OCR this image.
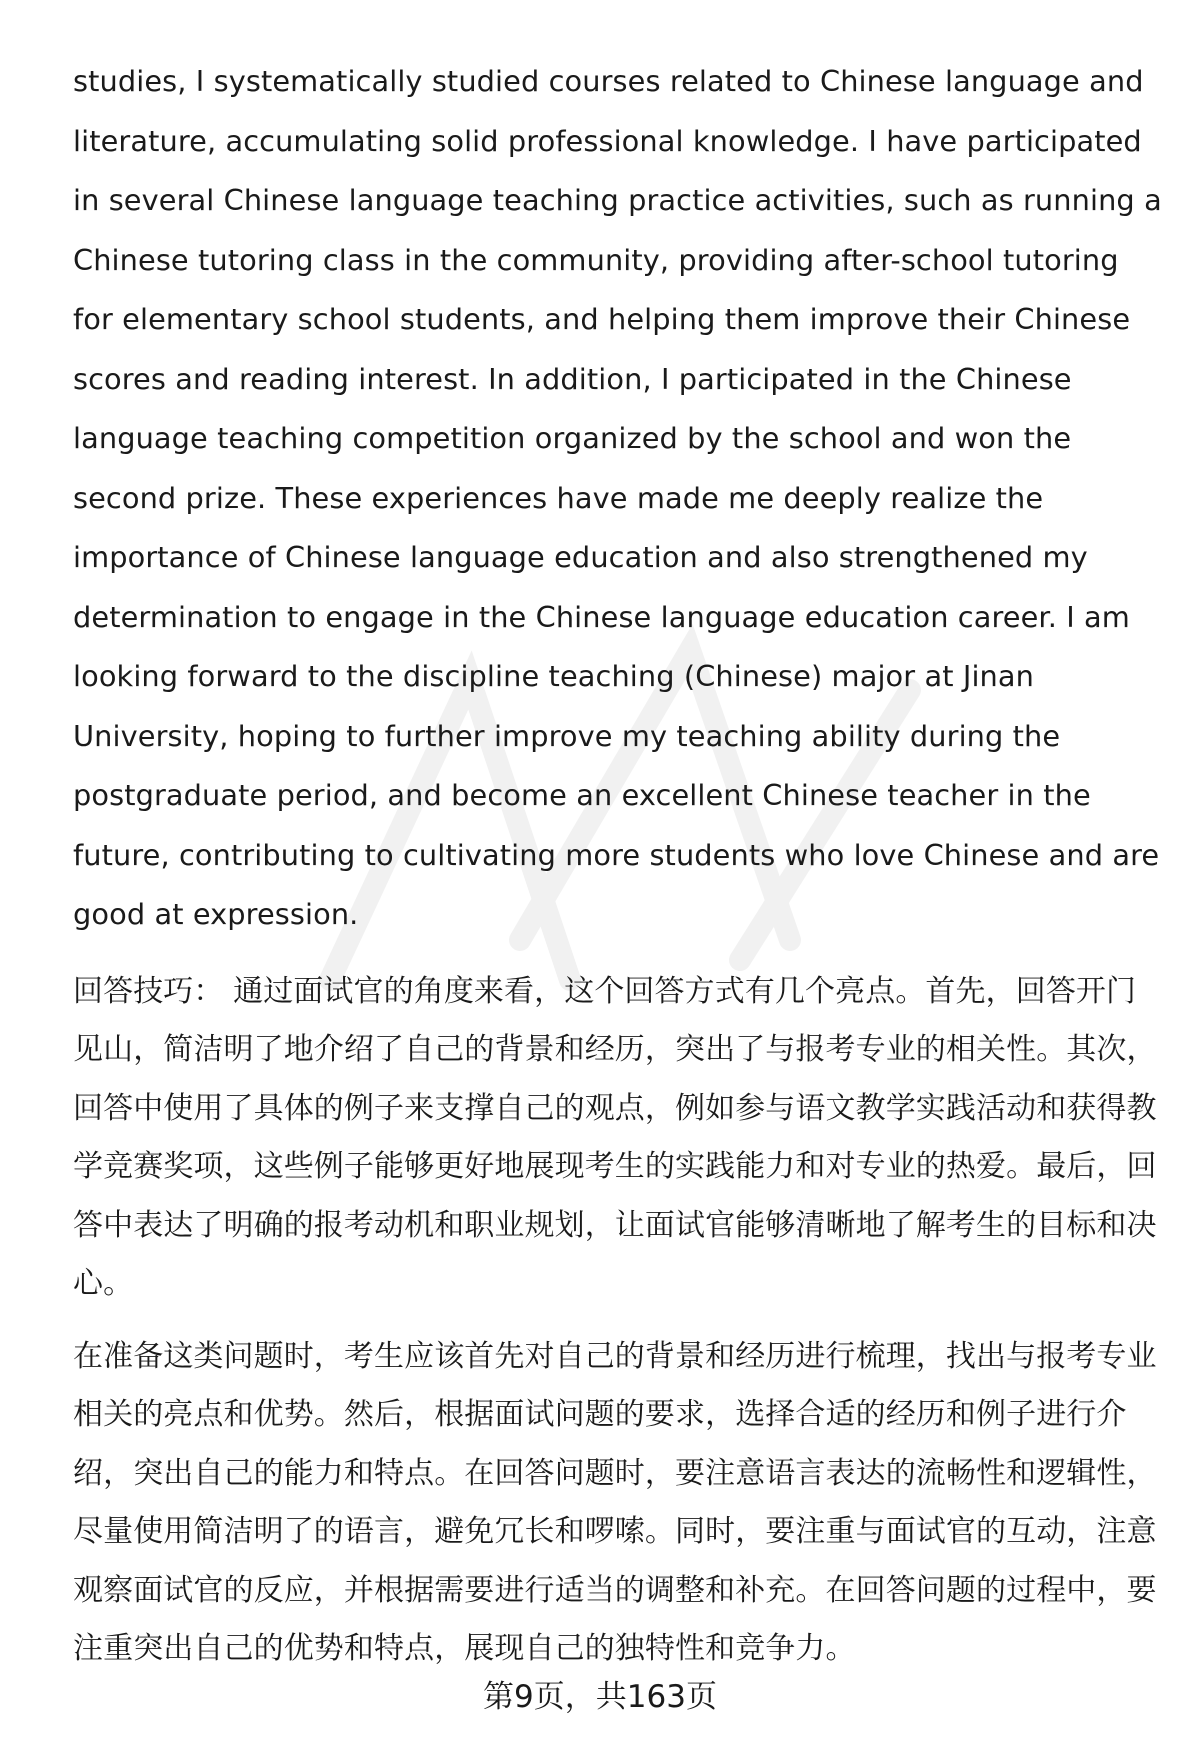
studies, I systematically studied courses related to Chinese language and literature, accumulating solid professional knowledge. I have participated in several Chinese language teaching practice activities, such as running a Chinese tutoring class in the community, providing after-school tutoring for elementary school students, and helping them improve their Chinese scores and reading interest. In addition, I participated in the Chinese language teaching competition organized by the school and won the second prize. These experiences have made me deeply realize the importance of Chinese language education and also strengthened my determination to engage in the Chinese language education career. I am looking forward to the discipline teaching (Chinese) major at Jinan University, hoping to further improve my teaching ability during the postgraduate period, and become an excellent Chinese teacher in the future, contributing to cultivating more students who love Chinese and are good at expression.

回答技巧： 通过面试官的角度来看，这个回答方式有几个亮点。首先，回答开门见山，简洁明了地介绍了自己的背景和经历，突出了与报考专业的相关性。其次，回答中使用了具体的例子来支撑自己的观点，例如参与语文教学实践活动和获得教学竞赛奖项，这些例子能够更好地展现考生的实践能力和对专业的热爱。最后，回答中表达了明确的报考动机和职业规划，让面试官能够清晰地了解考生的目标和决心。

在准备这类问题时，考生应该首先对自己的背景和经历进行梳理，找出与报考专业相关的亮点和优势。然后，根据面试问题的要求，选择合适的经历和例子进行介绍，突出自己的能力和特点。在回答问题时，要注意语言表达的流畅性和逻辑性，尽量使用简洁明了的语言，避免冗长和啰嗦。同时，要注重与面试官的互动，注意观察面试官的反应，并根据需要进行适当的调整和补充。在回答问题的过程中，要注重突出自己的优势和特点，展现自己的独特性和竞争力。

第9页，共163页
